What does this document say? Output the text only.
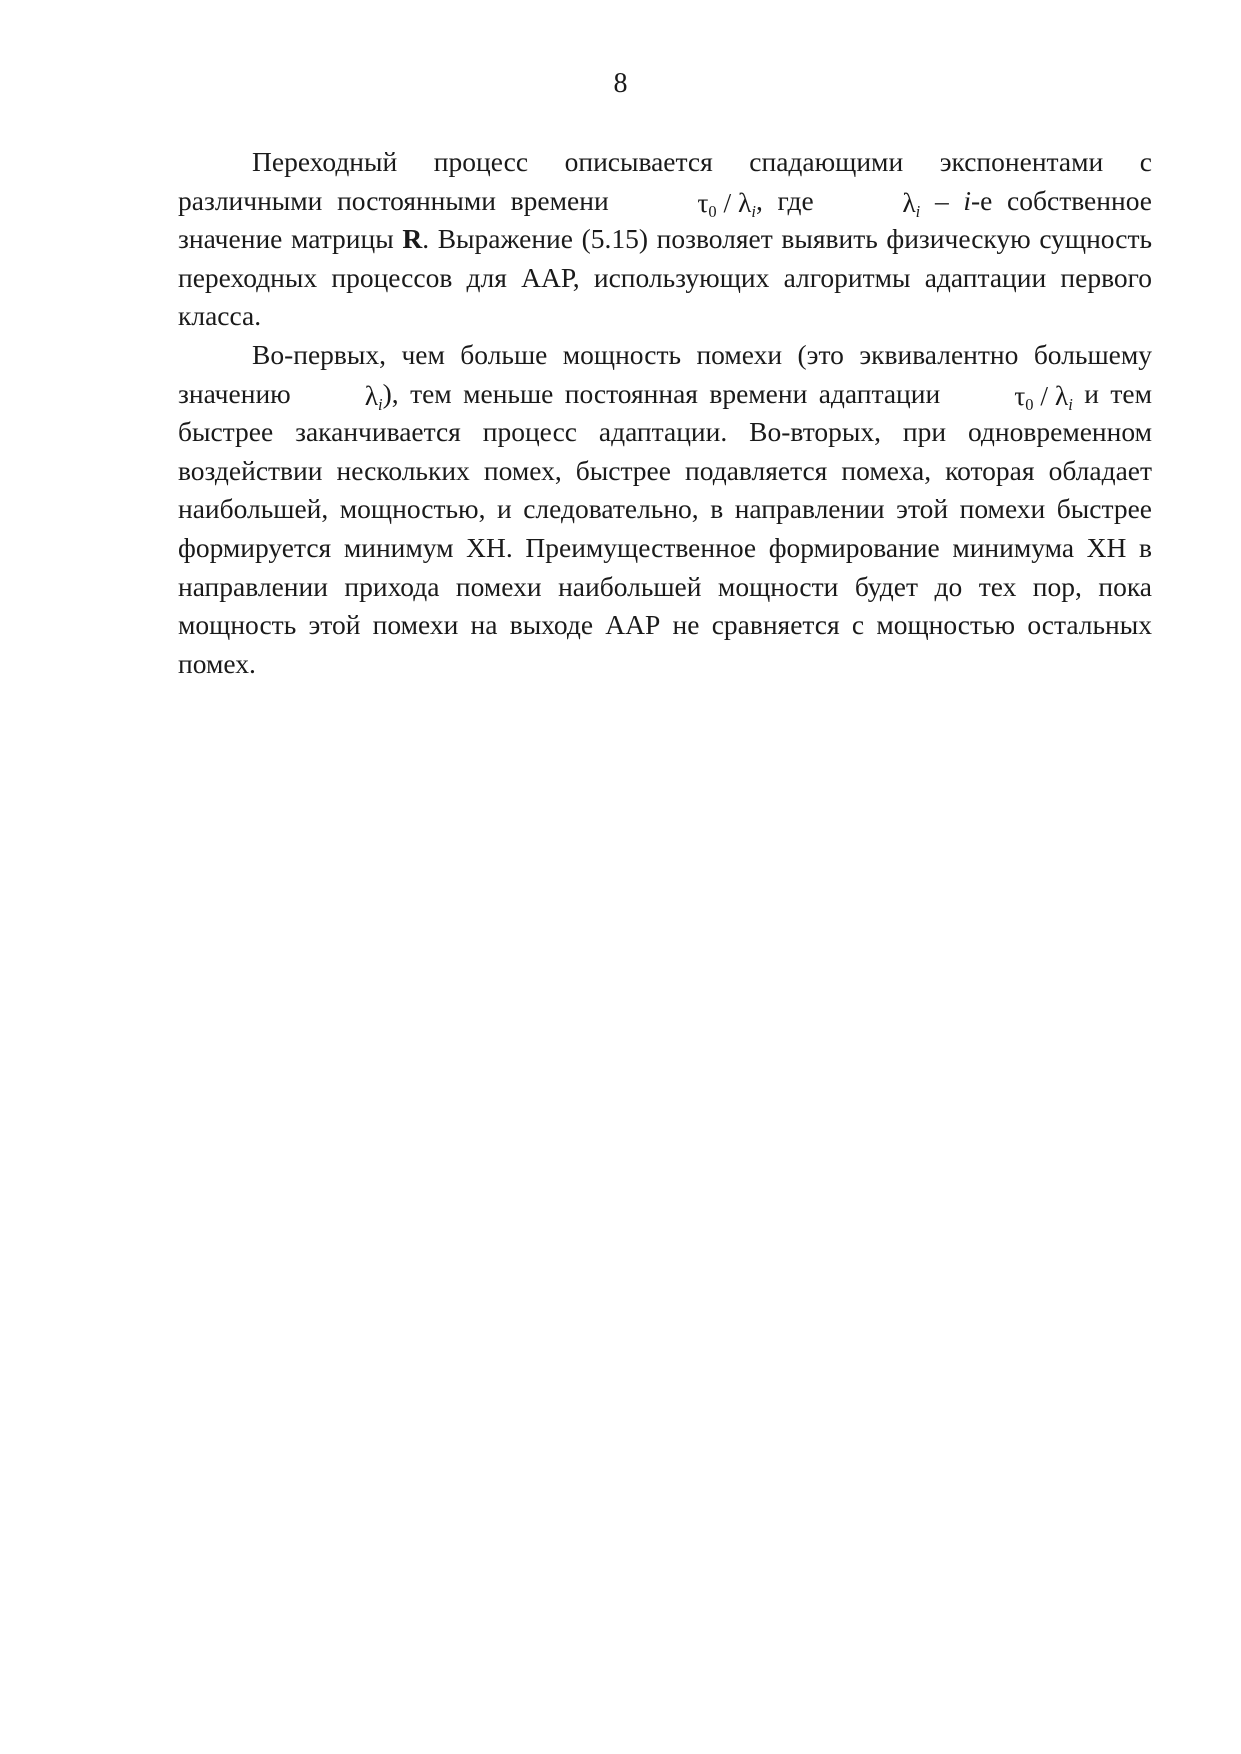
8

Переходный процесс описывается спадающими экспонентами с различными постоянными времени	$\tau_0 / \lambda_i$, где	$\lambda_i - i-е$ собственное значение матрицы R. Выражение (5.15) позволяет выявить физическую сущность переходных процессов для ААР, использующих алгоритмы адаптации первого класса.

Во-первых, чем больше мощность помехи (это эквивалентно большему значению	$\lambda_i$), тем меньше постоянная времени адаптации	$\tau_0 / \lambda_i$ и тем быстрее заканчивается процесс адаптации. Во-вторых, при одновременном воздействии нескольких помех, быстрее подавляется помеха, которая обладает наибольшей, мощностью, и следовательно, в направлении этой помехи быстрее формируется минимум ХН. Преимущественное формирование минимума ХН в направлении прихода помехи наибольшей мощности будет до тех пор, пока мощность этой помехи на выходе ААР не сравняется с мощностью остальных помех.
